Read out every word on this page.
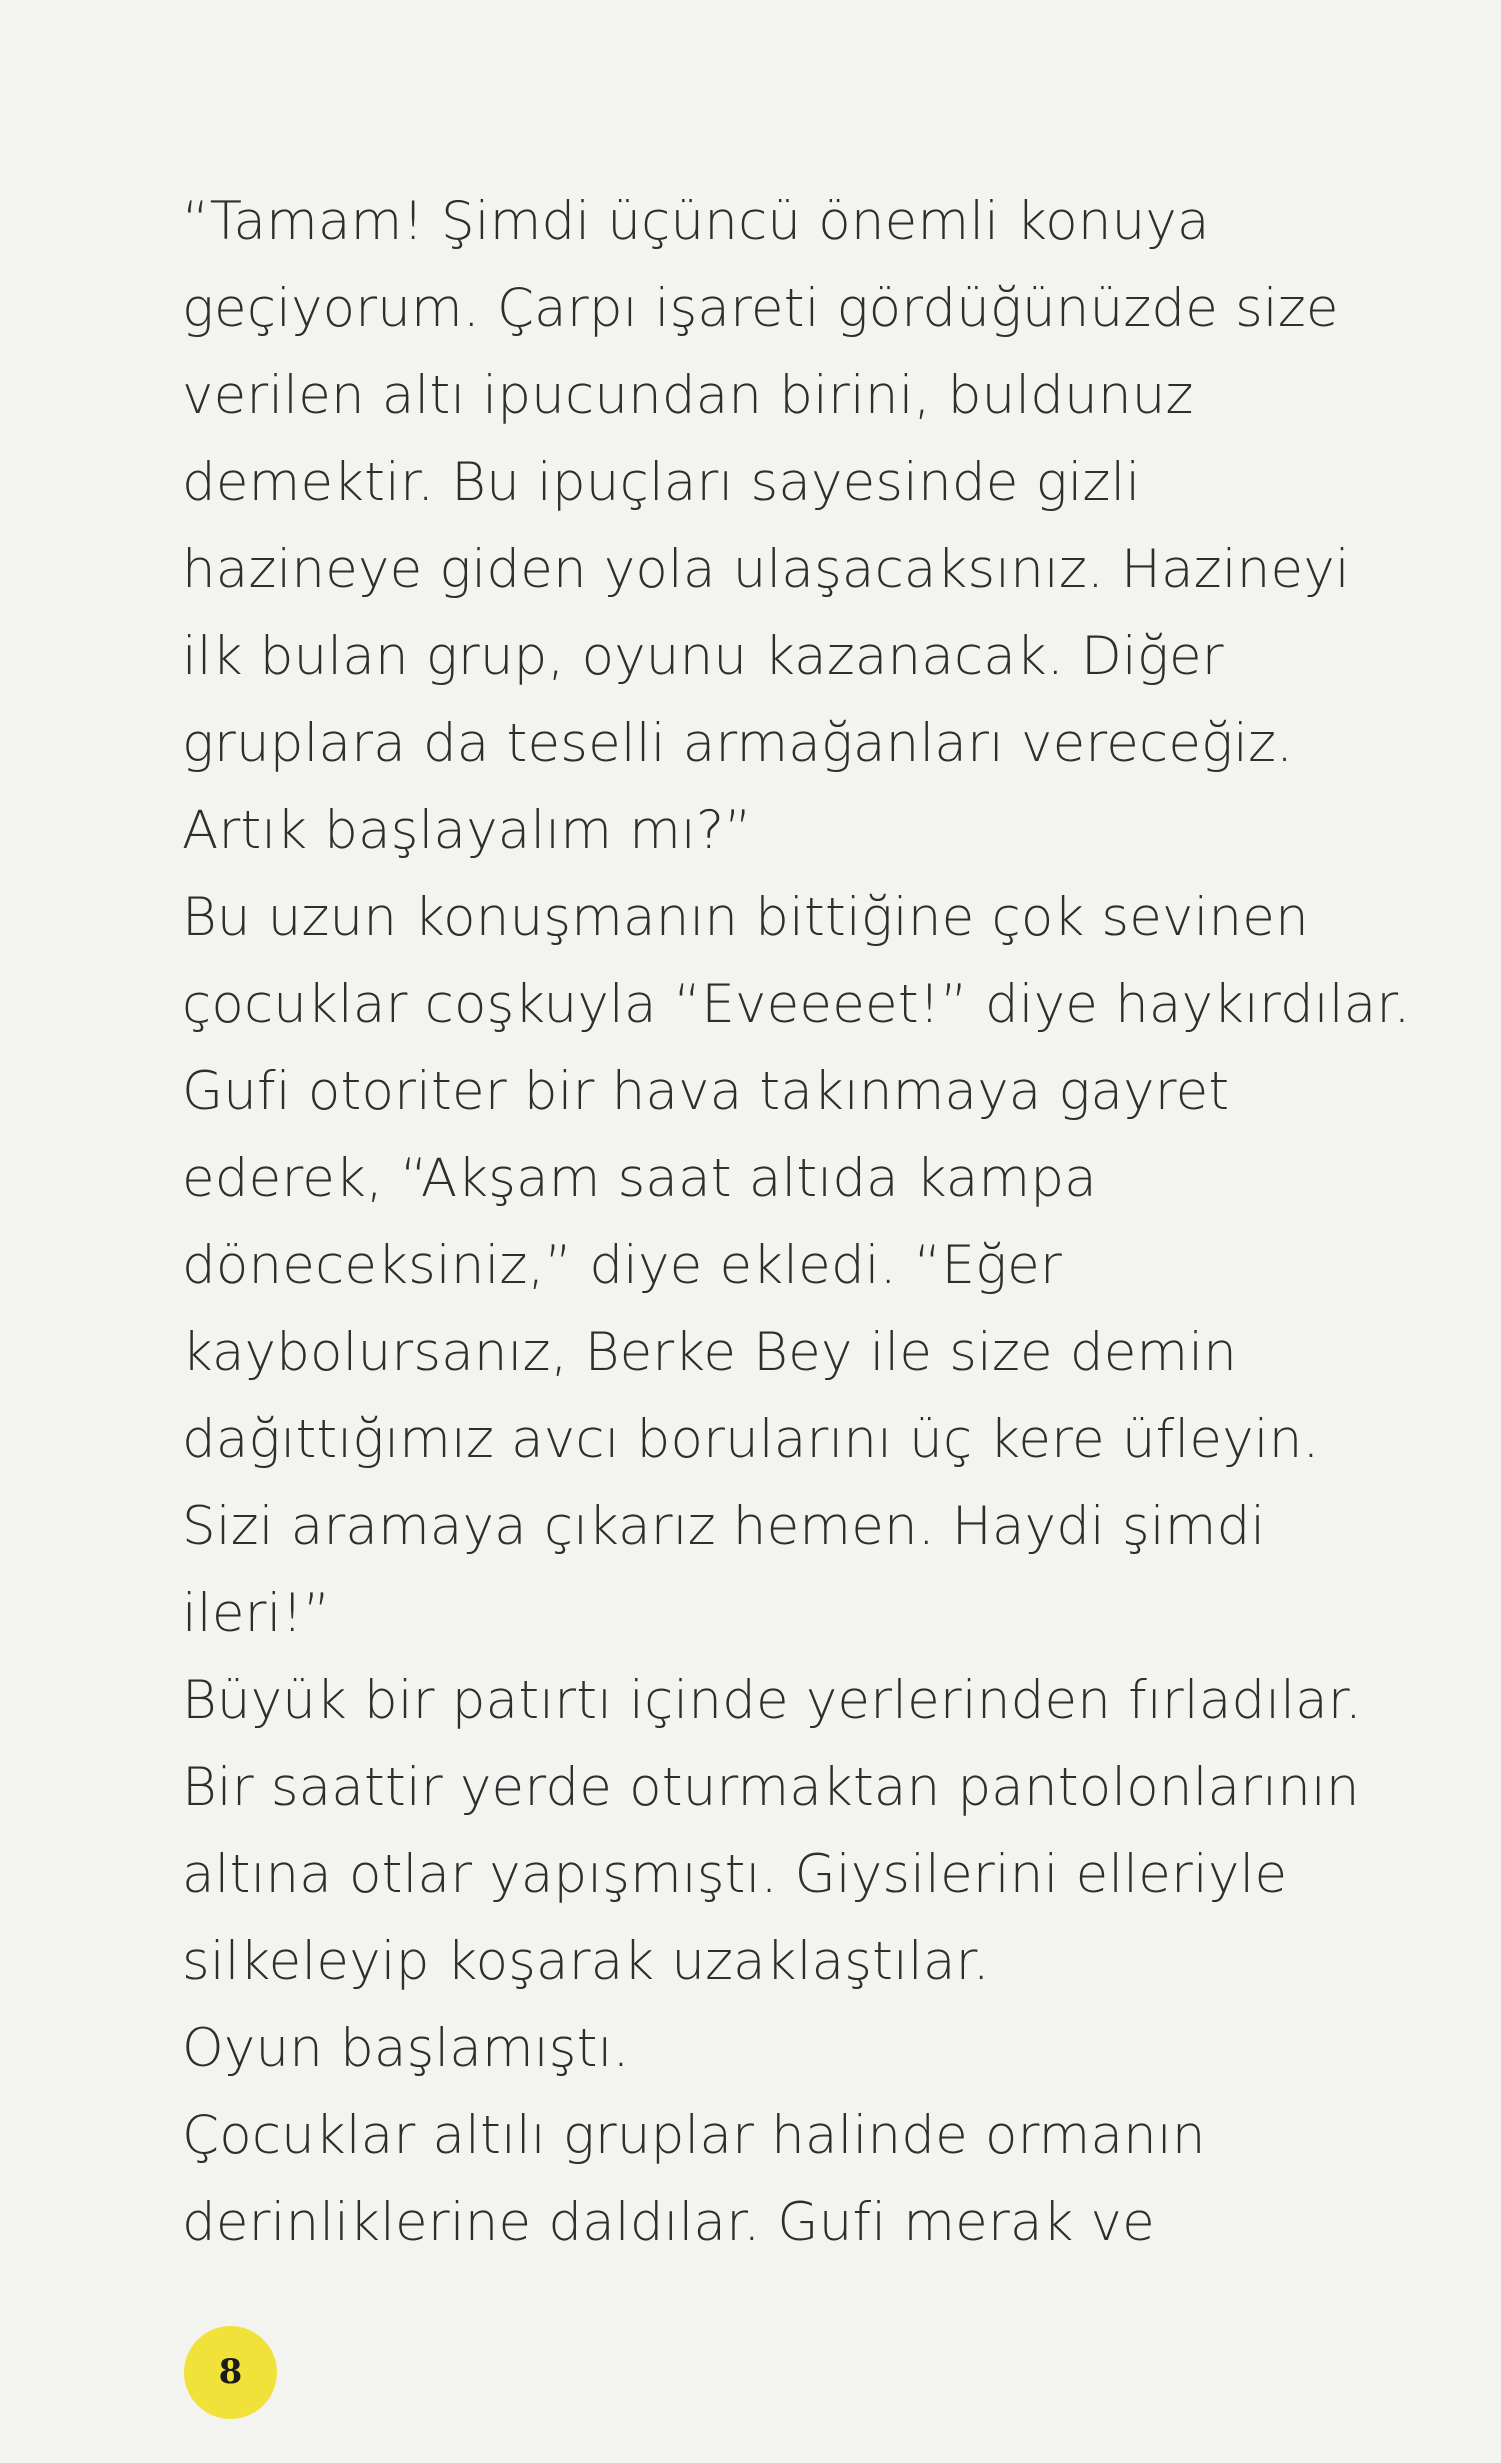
“Tamam! Şimdi üçüncü önemli konuya
geçiyorum. Çarpı işareti gördüğünüzde size
verilen altı ipucundan birini, buldunuz
demektir. Bu ipuçları sayesinde gizli
hazineye giden yola ulaşacaksınız. Hazineyi
ilk bulan grup, oyunu kazanacak. Diğer
gruplara da teselli armağanları vereceğiz.
Artık başlayalım mı?”
Bu uzun konuşmanın bittiğine çok sevinen
çocuklar coşkuyla “Eveeeet!” diye haykırdılar.
Gufi otoriter bir hava takınmaya gayret
ederek, “Akşam saat altıda kampa
döneceksiniz,” diye ekledi. “Eğer
kaybolursanız, Berke Bey ile size demin
dağıttığımız avcı borularını üç kere üfleyin.
Sizi aramaya çıkarız hemen. Haydi şimdi
ileri!”
Büyük bir patırtı içinde yerlerinden fırladılar.
Bir saattir yerde oturmaktan pantolonlarının
altına otlar yapışmıştı. Giysilerini elleriyle
silkeleyip koşarak uzaklaştılar.
Oyun başlamıştı.
Çocuklar altılı gruplar halinde ormanın
derinliklerine daldılar. Gufi merak ve
8
